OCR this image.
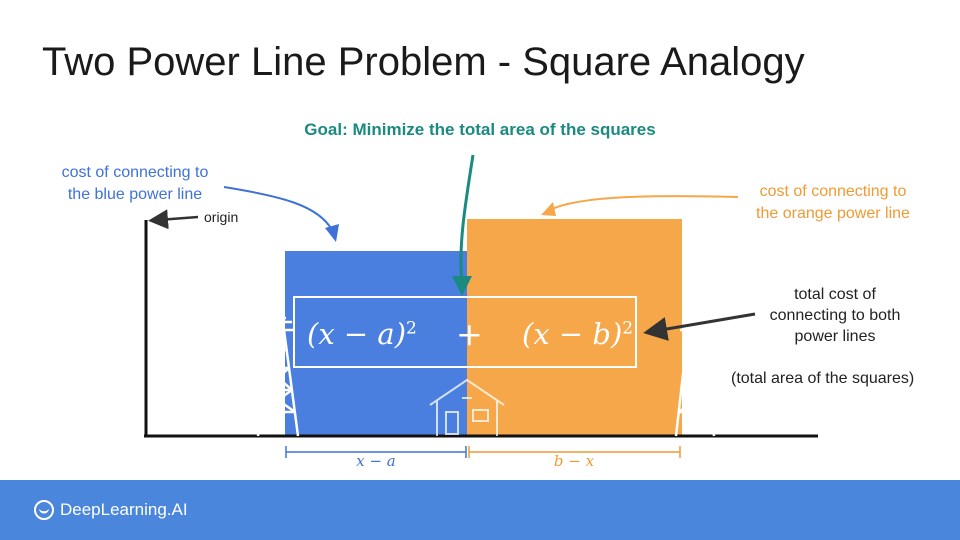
Two Power Line Problem - Square Analogy
Goal: Minimize the total area of the squares
cost of connecting to
the blue power line	cost of connecting to
the orange power line
origin
total cost of
connecting to both
power lines
(total area of the squares)
$(x - a)^2 + (x - b)^2$
x − a	b − x
DeepLearning.AI
